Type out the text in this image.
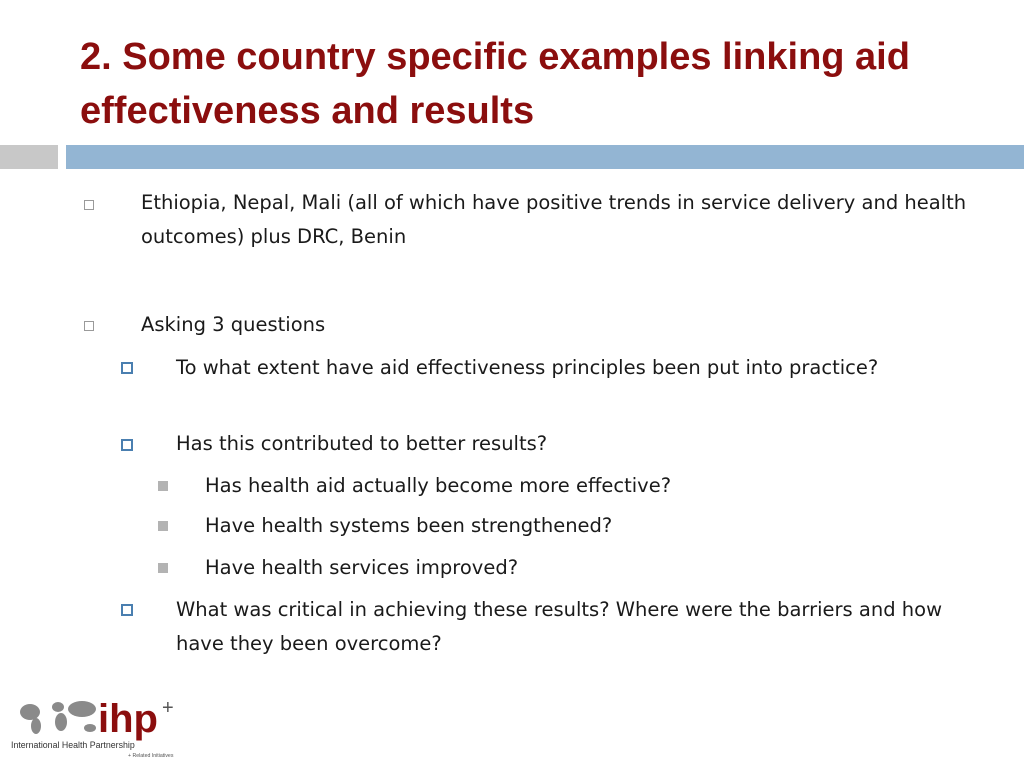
2. Some country specific examples linking aid effectiveness and results
Ethiopia, Nepal, Mali (all of which have positive trends in service delivery and health outcomes) plus DRC, Benin
Asking 3 questions
To what extent have aid effectiveness principles been put into practice?
Has this contributed to better results?
Has health aid actually become more effective?
Have health systems been strengthened?
Have health services improved?
What was critical in achieving these results? Where were the barriers and how have they been overcome?
ihp +
International Health Partnership
+ Related Initiatives
